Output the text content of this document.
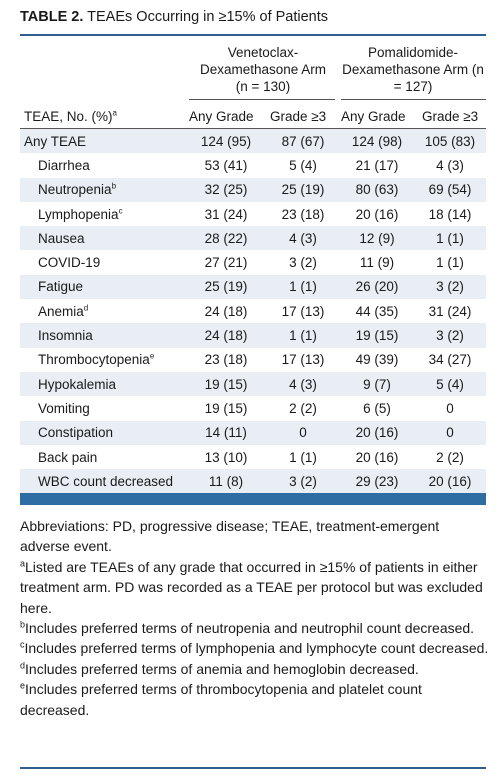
TABLE 2. TEAEs Occurring in ≥15% of Patients
Venetoclax-
Dexamethasone Arm
(n = 130)
Pomalidomide-
Dexamethasone Arm (n
= 127)
TEAE, No. (%)$^a$	Any Grade Grade ≥3 Any Grade Grade ≥3
Any TEAE	124 (95)	87 (67)	124 (98)	105 (83)
Diarrhea	53 (41)	5 (4)	21 (17)	4 (3)
Neutropenia$^b$	32 (25)	25 (19)	80 (63)	69 (54)
Lymphopenia$^c$	31 (24)	23 (18)	20 (16)	18 (14)
Nausea	28 (22)	4 (3)	12 (9)	1 (1)
COVID-19	27 (21)	3 (2)	11 (9)	1 (1)
Fatigue	25 (19)	1 (1)	26 (20)	3 (2)
Anemia$^d$	24 (18)	17 (13)	44 (35)	31 (24)
Insomnia	24 (18)	1 (1)	19 (15)	3 (2)
Thrombocytopenia$^e$	23 (18)	17 (13)	49 (39)	34 (27)
Hypokalemia	19 (15)	4 (3)	9 (7)	5 (4)
Vomiting	19 (15)	2 (2)	6 (5)	0
Constipation	14 (11)	0	20 (16)	0
Back pain	13 (10)	1 (1)	20 (16)	2 (2)
WBC count decreased	11 (8)	3 (2)	29 (23)	20 (16)

Abbreviations: PD, progressive disease; TEAE, treatment-emergent adverse event.

$^a$Listed are TEAEs of any grade that occurred in ≥15% of patients in either treatment arm. PD was recorded as a TEAE per protocol but was excluded here.

$^b$Includes preferred terms of neutropenia and neutrophil count decreased.

$^c$Includes preferred terms of lymphopenia and lymphocyte count decreased.

$^d$Includes preferred terms of anemia and hemoglobin decreased.

$^e$Includes preferred terms of thrombocytopenia and platelet count decreased.
